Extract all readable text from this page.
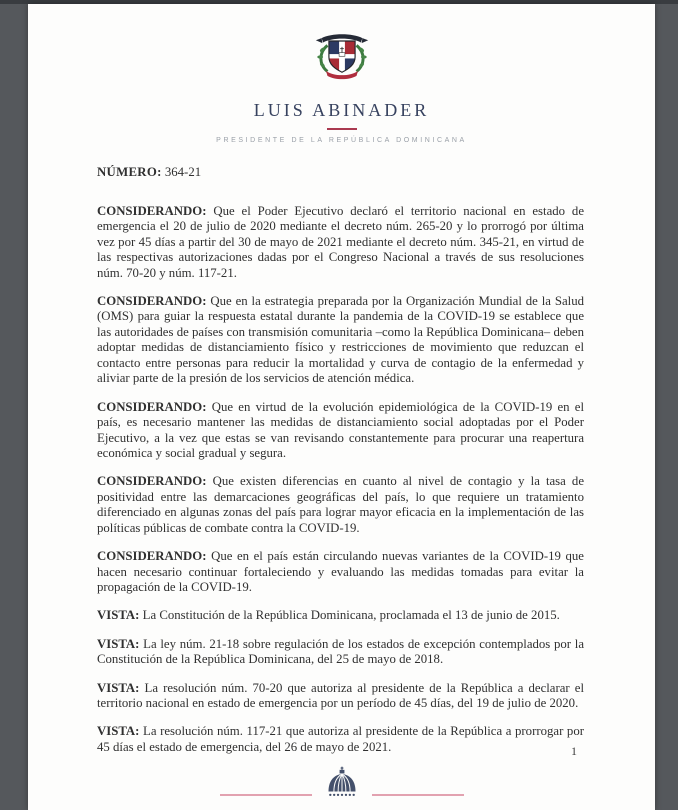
LUIS ABINADER
PRESIDENTE DE LA REPÚBLICA DOMINICANA
NÚMERO: 364-21

CONSIDERANDO: Que el Poder Ejecutivo declaró el territorio nacional en estado de emergencia el 20 de julio de 2020 mediante el decreto núm. 265-20 y lo prorrogó por última vez por 45 días a partir del 30 de mayo de 2021 mediante el decreto núm. 345-21, en virtud de las respectivas autorizaciones dadas por el Congreso Nacional a través de sus resoluciones núm. 70-20 y núm. 117-21.

CONSIDERANDO: Que en la estrategia preparada por la Organización Mundial de la Salud (OMS) para guiar la respuesta estatal durante la pandemia de la COVID-19 se establece que las autoridades de países con transmisión comunitaria –como la República Dominicana– deben adoptar medidas de distanciamiento físico y restricciones de movimiento que reduzcan el contacto entre personas para reducir la mortalidad y curva de contagio de la enfermedad y aliviar parte de la presión de los servicios de atención médica.

CONSIDERANDO: Que en virtud de la evolución epidemiológica de la COVID-19 en el país, es necesario mantener las medidas de distanciamiento social adoptadas por el Poder Ejecutivo, a la vez que estas se van revisando constantemente para procurar una reapertura económica y social gradual y segura.

CONSIDERANDO: Que existen diferencias en cuanto al nivel de contagio y la tasa de positividad entre las demarcaciones geográficas del país, lo que requiere un tratamiento diferenciado en algunas zonas del país para lograr mayor eficacia en la implementación de las políticas públicas de combate contra la COVID-19.

CONSIDERANDO: Que en el país están circulando nuevas variantes de la COVID-19 que hacen necesario continuar fortaleciendo y evaluando las medidas tomadas para evitar la propagación de la COVID-19.

VISTA: La Constitución de la República Dominicana, proclamada el 13 de junio de 2015.

VISTA: La ley núm. 21-18 sobre regulación de los estados de excepción contemplados por la Constitución de la República Dominicana, del 25 de mayo de 2018.

VISTA: La resolución núm. 70-20 que autoriza al presidente de la República a declarar el territorio nacional en estado de emergencia por un período de 45 días, del 19 de julio de 2020.

VISTA: La resolución núm. 117-21 que autoriza al presidente de la República a prorrogar por 45 días el estado de emergencia, del 26 de mayo de 2021.	1
